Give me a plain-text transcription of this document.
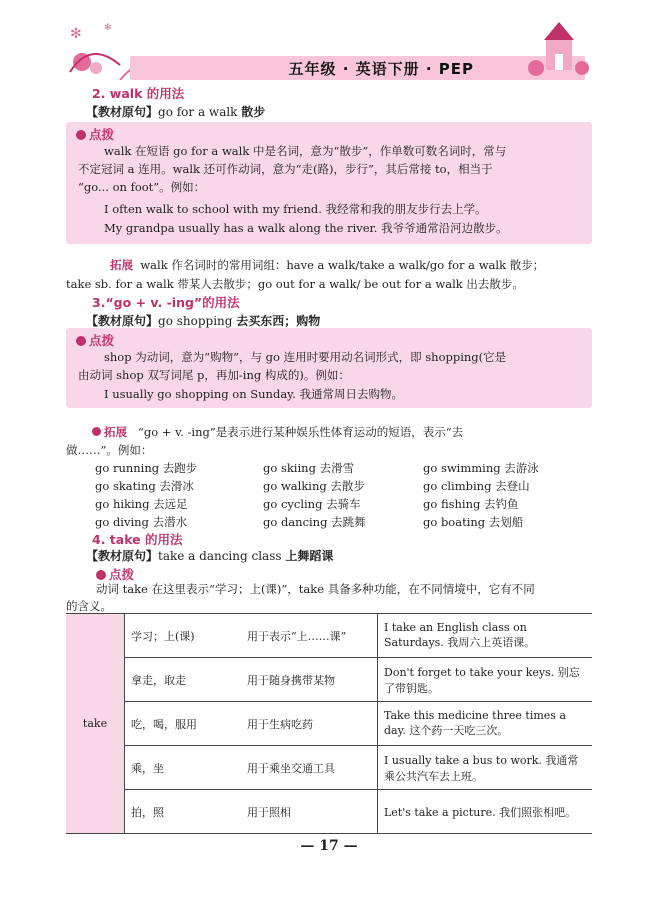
✻ ✻
五年级 · 英语下册 · PEP
2. walk 的用法
【教材原句】go for a walk 散步
点拨
walk 在短语 go for a walk 中是名词，意为“散步”，作单数可数名词时，常与
不定冠词 a 连用。walk 还可作动词，意为“走(路)，步行”，其后常接 to，相当于
“go... on foot”。例如：
I often walk to school with my friend. 我经常和我的朋友步行去上学。
My grandpa usually has a walk along the river. 我爷爷通常沿河边散步。
拓展 walk 作名词时的常用词组：have a walk/take a walk/go for a walk 散步；
take sb. for a walk 带某人去散步；go out for a walk/ be out for a walk 出去散步。
3.“go + v. -ing”的用法
【教材原句】go shopping 去买东西；购物
点拨
shop 为动词，意为“购物”，与 go 连用时要用动名词形式，即 shopping(它是
由动词 shop 双写词尾 p，再加-ing 构成的)。例如：
I usually go shopping on Sunday. 我通常周日去购物。
拓展 “go + v. -ing”是表示进行某种娱乐性体育运动的短语，表示“去
做……”。例如：
go running 去跑步	go skiing 去滑雪	go swimming 去游泳
go skating 去滑冰	go walking 去散步	go climbing 去登山
go hiking 去远足	go cycling 去骑车	go fishing 去钓鱼
go diving 去潜水	go dancing 去跳舞	go boating 去划船
4. take 的用法
【教材原句】take a dancing class 上舞蹈课
点拨
动词 take 在这里表示“学习；上(课)”，take 具备多种功能，在不同情境中，它有不同
的含义。
take	学习；上(课)	用于表示“上……课”	I take an English class on Saturdays. 我周六上英语课。
	拿走，取走	用于随身携带某物	Don't forget to take your keys. 别忘了带钥匙。
	吃，喝，服用	用于生病吃药	Take this medicine three times a day. 这个药一天吃三次。
	乘，坐	用于乘坐交通工具	I usually take a bus to work. 我通常乘公共汽车去上班。
	拍，照	用于照相	Let's take a picture. 我们照张相吧。
— 17 —
